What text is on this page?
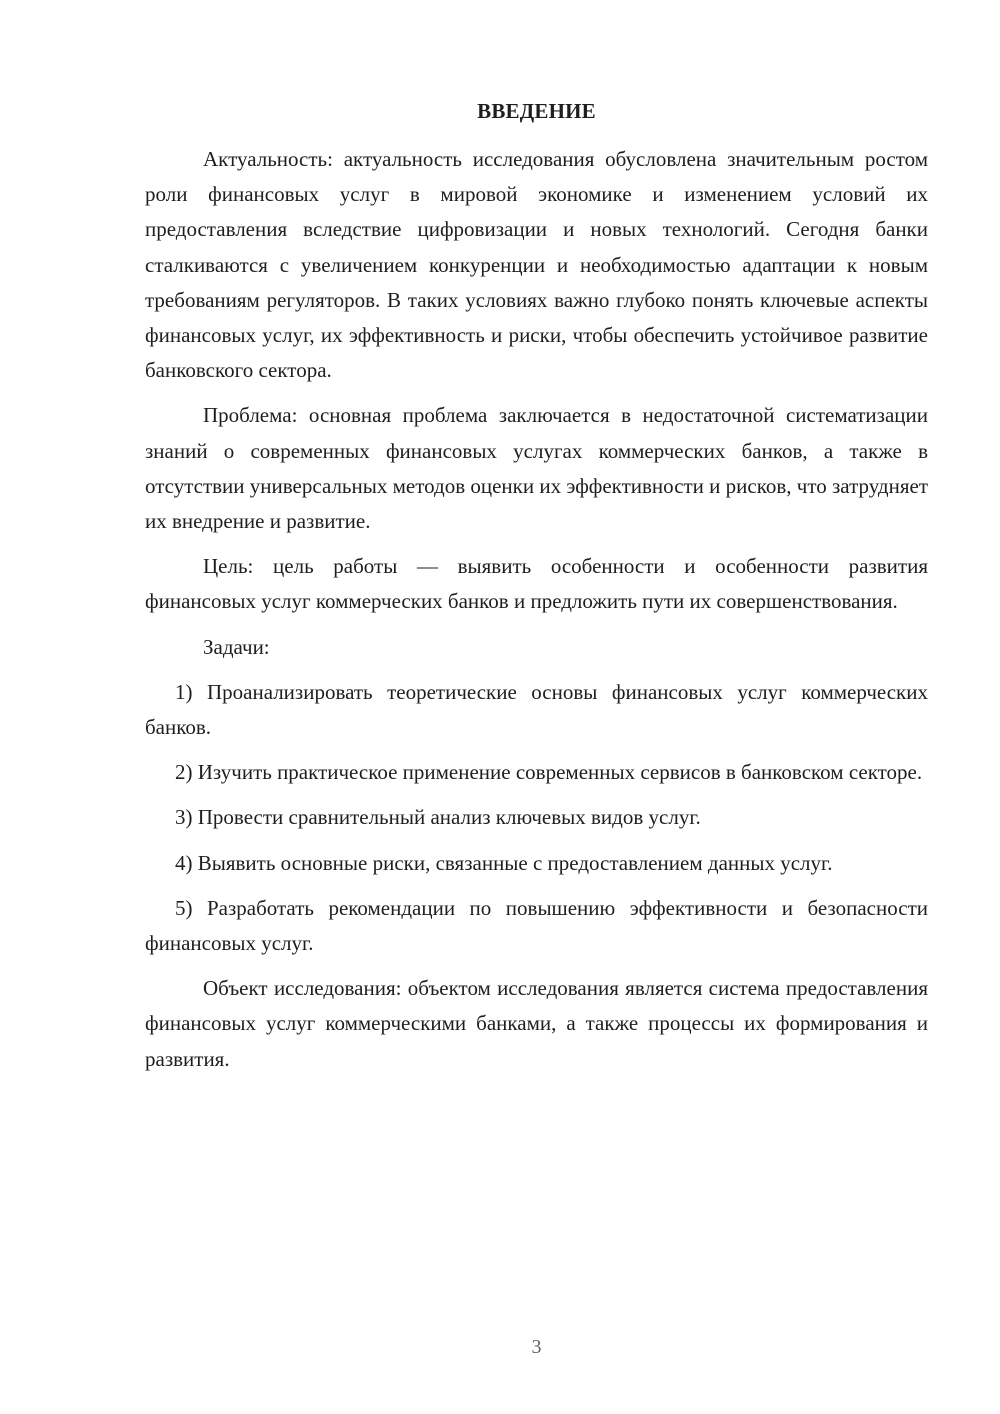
ВВЕДЕНИЕ

Актуальность: актуальность исследования обусловлена значительным ростом роли финансовых услуг в мировой экономике и изменением условий их предоставления вследствие цифровизации и новых технологий. Сегодня банки сталкиваются с увеличением конкуренции и необходимостью адаптации к новым требованиям регуляторов. В таких условиях важно глубоко понять ключевые аспекты финансовых услуг, их эффективность и риски, чтобы обеспечить устойчивое развитие банковского сектора.

Проблема: основная проблема заключается в недостаточной систематизации знаний о современных финансовых услугах коммерческих банков, а также в отсутствии универсальных методов оценки их эффективности и рисков, что затрудняет их внедрение и развитие.

Цель: цель работы — выявить особенности и особенности развития финансовых услуг коммерческих банков и предложить пути их совершенствования.

Задачи:

1) Проанализировать теоретические основы финансовых услуг коммерческих банков.

2) Изучить практическое применение современных сервисов в банковском секторе.

3) Провести сравнительный анализ ключевых видов услуг.

4) Выявить основные риски, связанные с предоставлением данных услуг.

5) Разработать рекомендации по повышению эффективности и безопасности финансовых услуг.

Объект исследования: объектом исследования является система предоставления финансовых услуг коммерческими банками, а также процессы их формирования и развития.

3
